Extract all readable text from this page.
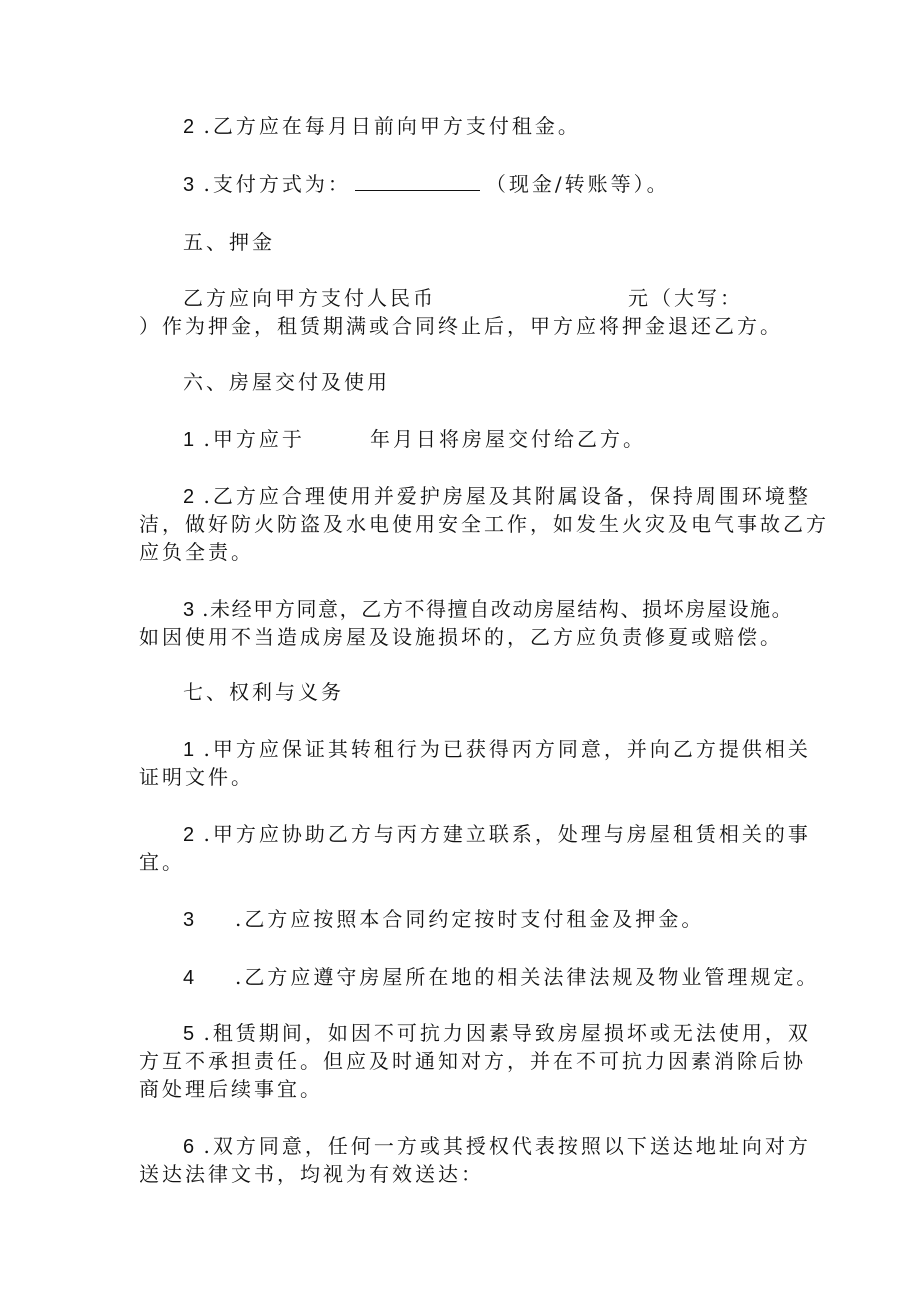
2 .乙方应在每月日前向甲方支付租金。
3 .支付方式为：	（现金/转账等）。
五、押金
乙方应向甲方支付人民币	元（大写：
）作为押金，租赁期满或合同终止后，甲方应将押金退还乙方。
六、房屋交付及使用
1 .甲方应于	年月日将房屋交付给乙方。
2 .乙方应合理使用并爱护房屋及其附属设备，保持周围环境整
洁，做好防火防盗及水电使用安全工作，如发生火灾及电气事故乙方
应负全责。
3 .未经甲方同意，乙方不得擅自改动房屋结构、损坏房屋设施。
如因使用不当造成房屋及设施损坏的，乙方应负责修夏或赔偿。
七、权利与义务
1 .甲方应保证其转租行为已获得丙方同意，并向乙方提供相关
证明文件。
2 .甲方应协助乙方与丙方建立联系，处理与房屋租赁相关的事
宜。
3 .乙方应按照本合同约定按时支付租金及押金。
4 .乙方应遵守房屋所在地的相关法律法规及物业管理规定。
5 .租赁期间，如因不可抗力因素导致房屋损坏或无法使用，双
方互不承担责任。但应及时通知对方，并在不可抗力因素消除后协
商处理后续事宜。
6 .双方同意，任何一方或其授权代表按照以下送达地址向对方
送达法律文书，均视为有效送达：
